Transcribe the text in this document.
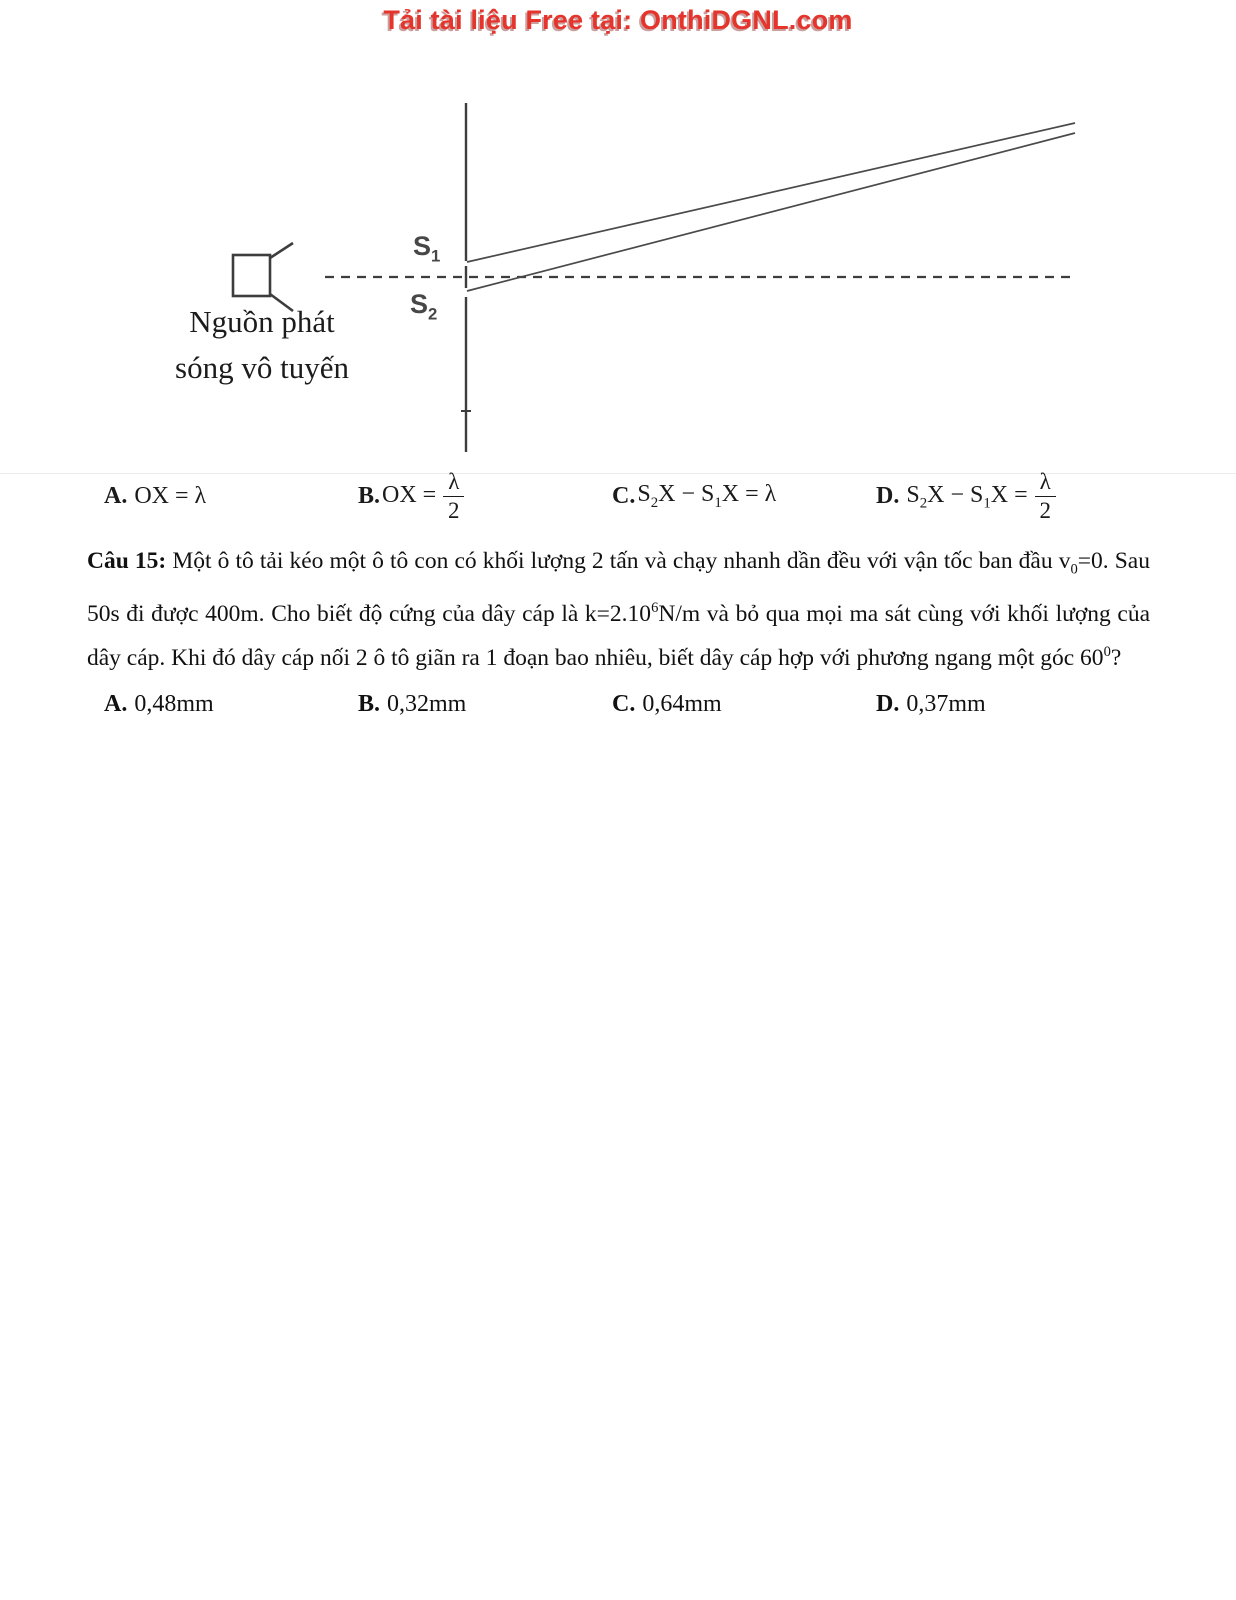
Tải tài liệu Free tại: OnthiDGNL.com
$S_1$
$S_2$
Nguồn phát
sóng vô tuyến
A. OX = λ	B. OX = $\frac{\lambda}{2}$	C. $S_2X - S_1X = \lambda$	D. $S_2X - S_1X = \frac{\lambda}{2}$
Câu 15: Một ô tô tải kéo một ô tô con có khối lượng 2 tấn và chạy nhanh dần đều với vận tốc ban đầu $v_0=0$. Sau 50s đi được 400m. Cho biết độ cứng của dây cáp là $k=2.10^6N/m$ và bỏ qua mọi ma sát cùng với khối lượng của dây cáp. Khi đó dây cáp nối 2 ô tô giãn ra 1 đoạn bao nhiêu, biết dây cáp hợp với phương ngang một góc $60^0$?
A. 0,48mm	B. 0,32mm	C. 0,64mm	D. 0,37mm
